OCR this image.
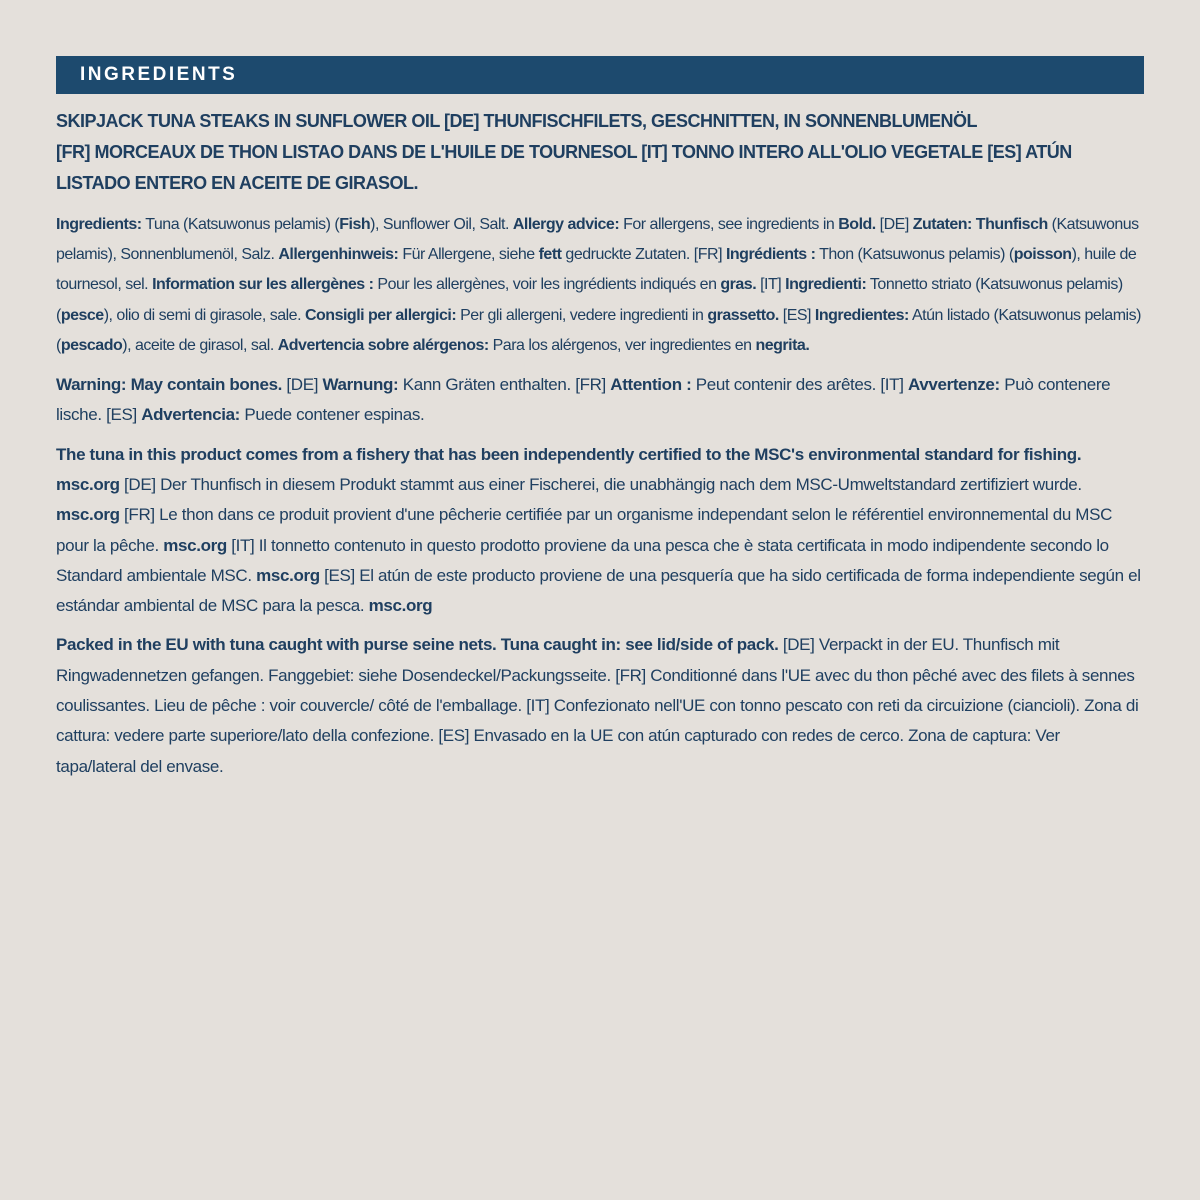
INGREDIENTS
SKIPJACK TUNA STEAKS IN SUNFLOWER OIL [DE] THUNFISCHFILETS, GESCHNITTEN, IN SONNENBLUMENÖL
[FR] MORCEAUX DE THON LISTAO DANS DE L'HUILE DE TOURNESOL [IT] TONNO INTERO ALL'OLIO VEGETALE [ES] ATÚN
LISTADO ENTERO EN ACEITE DE GIRASOL.
Ingredients: Tuna (Katsuwonus pelamis) (Fish), Sunflower Oil, Salt. Allergy advice: For allergens, see ingredients in Bold. [DE] Zutaten: Thunfisch (Katsuwonus pelamis), Sonnenblumenöl, Salz. Allergenhinweis: Für Allergene, siehe fett gedruckte Zutaten. [FR] Ingrédients : Thon (Katsuwonus pelamis) (poisson), huile de tournesol, sel. Information sur les allergènes : Pour les allergènes, voir les ingrédients indiqués en gras. [IT] Ingredienti: Tonnetto striato (Katsuwonus pelamis) (pesce), olio di semi di girasole, sale. Consigli per allergici: Per gli allergeni, vedere ingredienti in grassetto. [ES] Ingredientes: Atún listado (Katsuwonus pelamis) (pescado), aceite de girasol, sal. Advertencia sobre alérgenos: Para los alérgenos, ver ingredientes en negrita.
Warning: May contain bones. [DE] Warnung: Kann Gräten enthalten. [FR] Attention : Peut contenir des arêtes. [IT] Avvertenze: Può contenere lische. [ES] Advertencia: Puede contener espinas.
The tuna in this product comes from a fishery that has been independently certified to the MSC's environmental standard for fishing. msc.org [DE] Der Thunfisch in diesem Produkt stammt aus einer Fischerei, die unabhängig nach dem MSC-Umweltstandard zertifiziert wurde. msc.org [FR] Le thon dans ce produit provient d'une pêcherie certifiée par un organisme independant selon le référentiel environnemental du MSC pour la pêche. msc.org [IT] Il tonnetto contenuto in questo prodotto proviene da una pesca che è stata certificata in modo indipendente secondo lo Standard ambientale MSC. msc.org [ES] El atún de este producto proviene de una pesquería que ha sido certificada de forma independiente según el estándar ambiental de MSC para la pesca. msc.org
Packed in the EU with tuna caught with purse seine nets. Tuna caught in: see lid/side of pack. [DE] Verpackt in der EU. Thunfisch mit Ringwadennetzen gefangen. Fanggebiet: siehe Dosendeckel/Packungsseite. [FR] Conditionné dans l'UE avec du thon pêché avec des filets à sennes coulissantes. Lieu de pêche : voir couvercle/ côté de l'emballage. [IT] Confezionato nell'UE con tonno pescato con reti da circuizione (ciancioli). Zona di cattura: vedere parte superiore/lato della confezione. [ES] Envasado en la UE con atún capturado con redes de cerco. Zona de captura: Ver tapa/lateral del envase.
